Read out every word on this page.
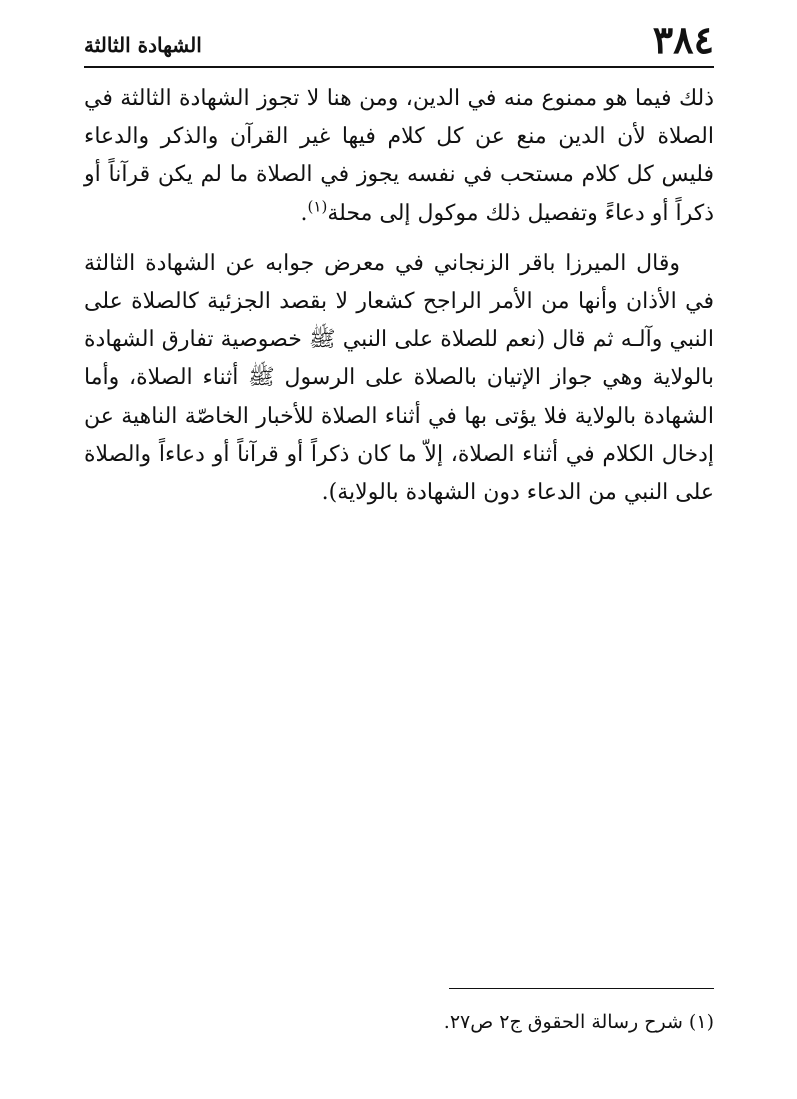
٣٨٤
الشهادة الثالثة

ذلك فيما هو ممنوع منه في الدين، ومن هنا لا تجوز الشهادة الثالثة في الصلاة لأن الدين منع عن كل كلام فيها غير القرآن والذكر والدعاء فليس كل كلام مستحب في نفسه يجوز في الصلاة ما لم يكن قرآناً أو ذكراً أو دعاءً وتفصيل ذلك موكول إلى محلة$^{(١)}$.

وقال الميرزا باقر الزنجاني في معرض جوابه عن الشهادة الثالثة في الأذان وأنها من الأمر الراجح كشعار لا بقصد الجزئية كالصلاة على النبي وآلـه ثم قال (نعم للصلاة على النبي ﷺ خصوصية تفارق الشهادة بالولاية وهي جواز الإتيان بالصلاة على الرسول ﷺ أثناء الصلاة، وأما الشهادة بالولاية فلا يؤتى بها في أثناء الصلاة للأخبار الخاصّة الناهية عن إدخال الكلام في أثناء الصلاة، إلاّ ما كان ذكراً أو قرآناً أو دعاءاً والصلاة على النبي من الدعاء دون الشهادة بالولاية).

(١) شرح رسالة الحقوق ج٢ ص٢٧.
